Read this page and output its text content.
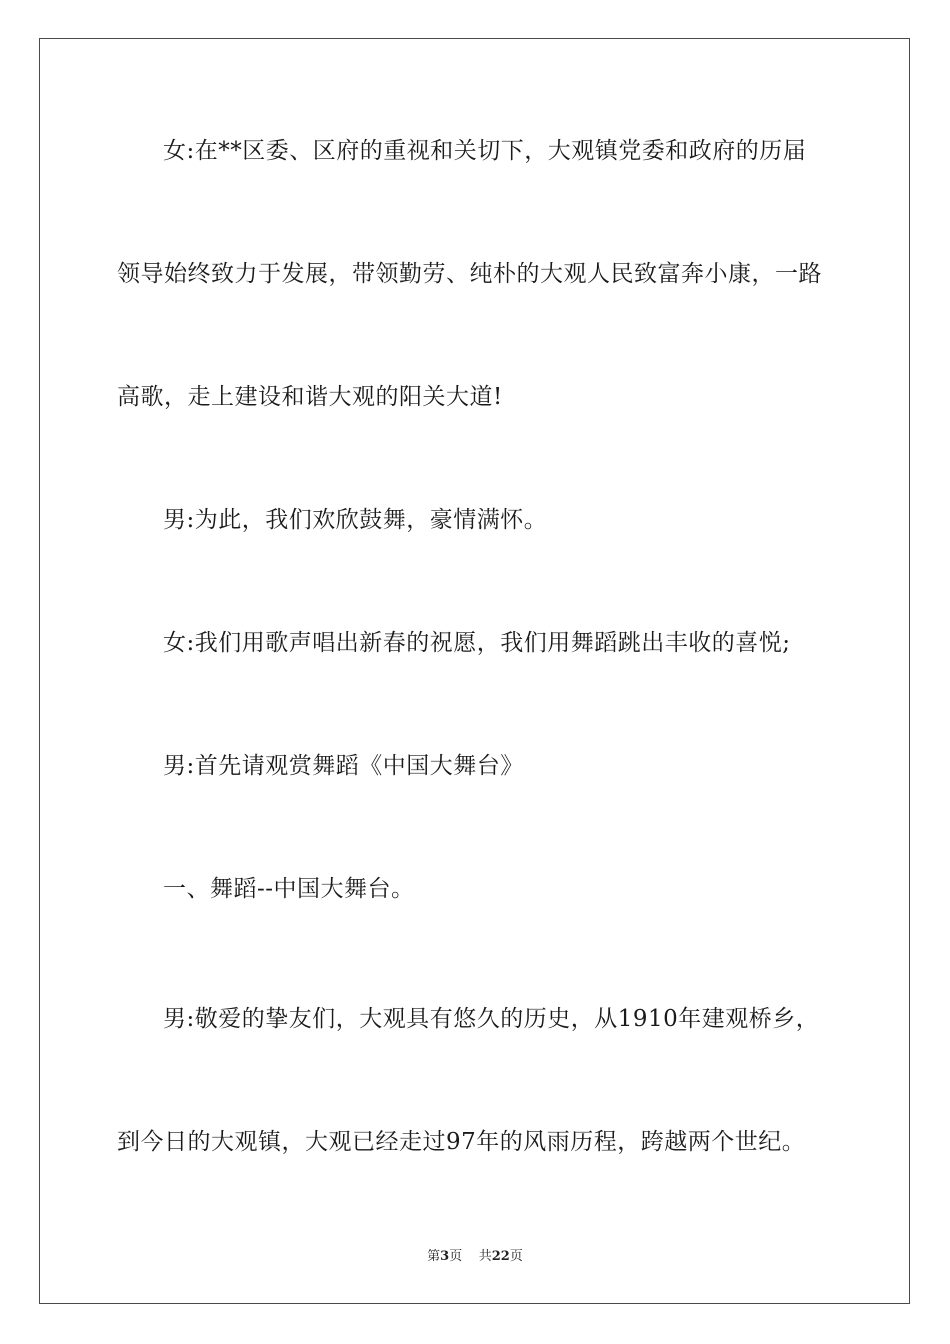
女:在**区委、区府的重视和关切下，大观镇党委和政府的历届
领导始终致力于发展，带领勤劳、纯朴的大观人民致富奔小康，一路
高歌，走上建设和谐大观的阳关大道!
男:为此，我们欢欣鼓舞，豪情满怀。
女:我们用歌声唱出新春的祝愿，我们用舞蹈跳出丰收的喜悦;
男:首先请观赏舞蹈《中国大舞台》
一、舞蹈--中国大舞台。
男:敬爱的挚友们，大观具有悠久的历史，从1910年建观桥乡，
到今日的大观镇，大观已经走过97年的风雨历程，跨越两个世纪。
第3页 共22页
